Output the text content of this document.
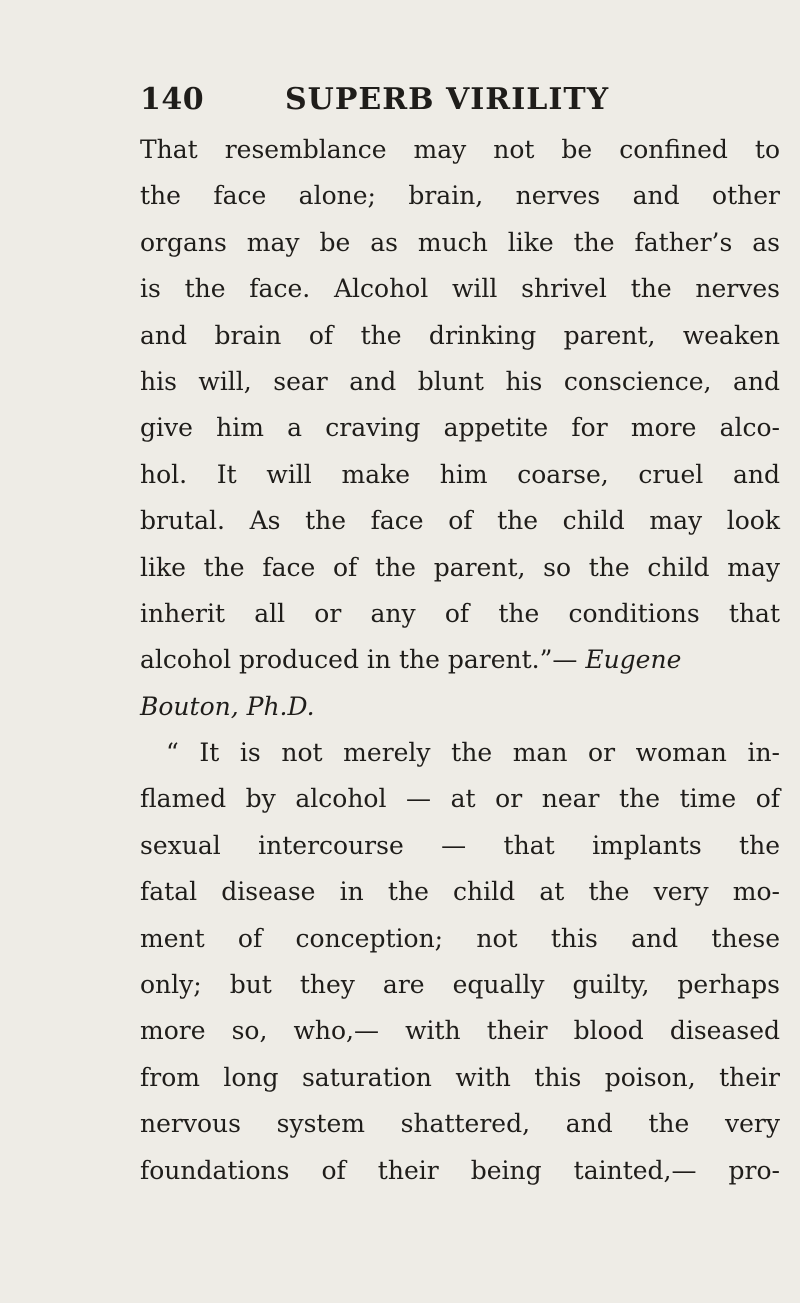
140	SUPERB VIRILITY
That resemblance may not be confined to
the face alone; brain, nerves and other
organs may be as much like the father’s as
is the face. Alcohol will shrivel the nerves
and brain of the drinking parent, weaken
his will, sear and blunt his conscience, and
give him a craving appetite for more alco-
hol. It will make him coarse, cruel and
brutal. As the face of the child may look
like the face of the parent, so the child may
inherit all or any of the conditions that
alcohol produced in the parent.”— Eugene
Bouton, Ph.D.
“ It is not merely the man or woman in-
flamed by alcohol — at or near the time of
sexual intercourse — that implants the
fatal disease in the child at the very mo-
ment of conception; not this and these
only; but they are equally guilty, perhaps
more so, who,— with their blood diseased
from long saturation with this poison, their
nervous system shattered, and the very
foundations of their being tainted,— pro-
